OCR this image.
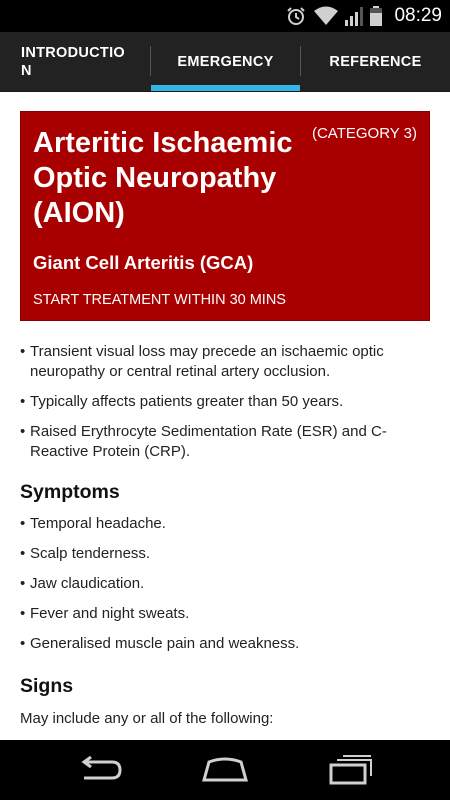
08:29
INTRODUCTION
EMERGENCY	REFERENCE
(CATEGORY 3)
Arteritic Ischaemic Optic Neuropathy (AION)
Giant Cell Arteritis (GCA)
START TREATMENT WITHIN 30 MINS
• Transient visual loss may precede an ischaemic optic neuropathy or central retinal artery occlusion.
• Typically affects patients greater than 50 years.
• Raised Erythrocyte Sedimentation Rate (ESR) and C-Reactive Protein (CRP).
Symptoms
• Temporal headache.
• Scalp tenderness.
• Jaw claudication.
• Fever and night sweats.
• Generalised muscle pain and weakness.
Signs
May include any or all of the following:
